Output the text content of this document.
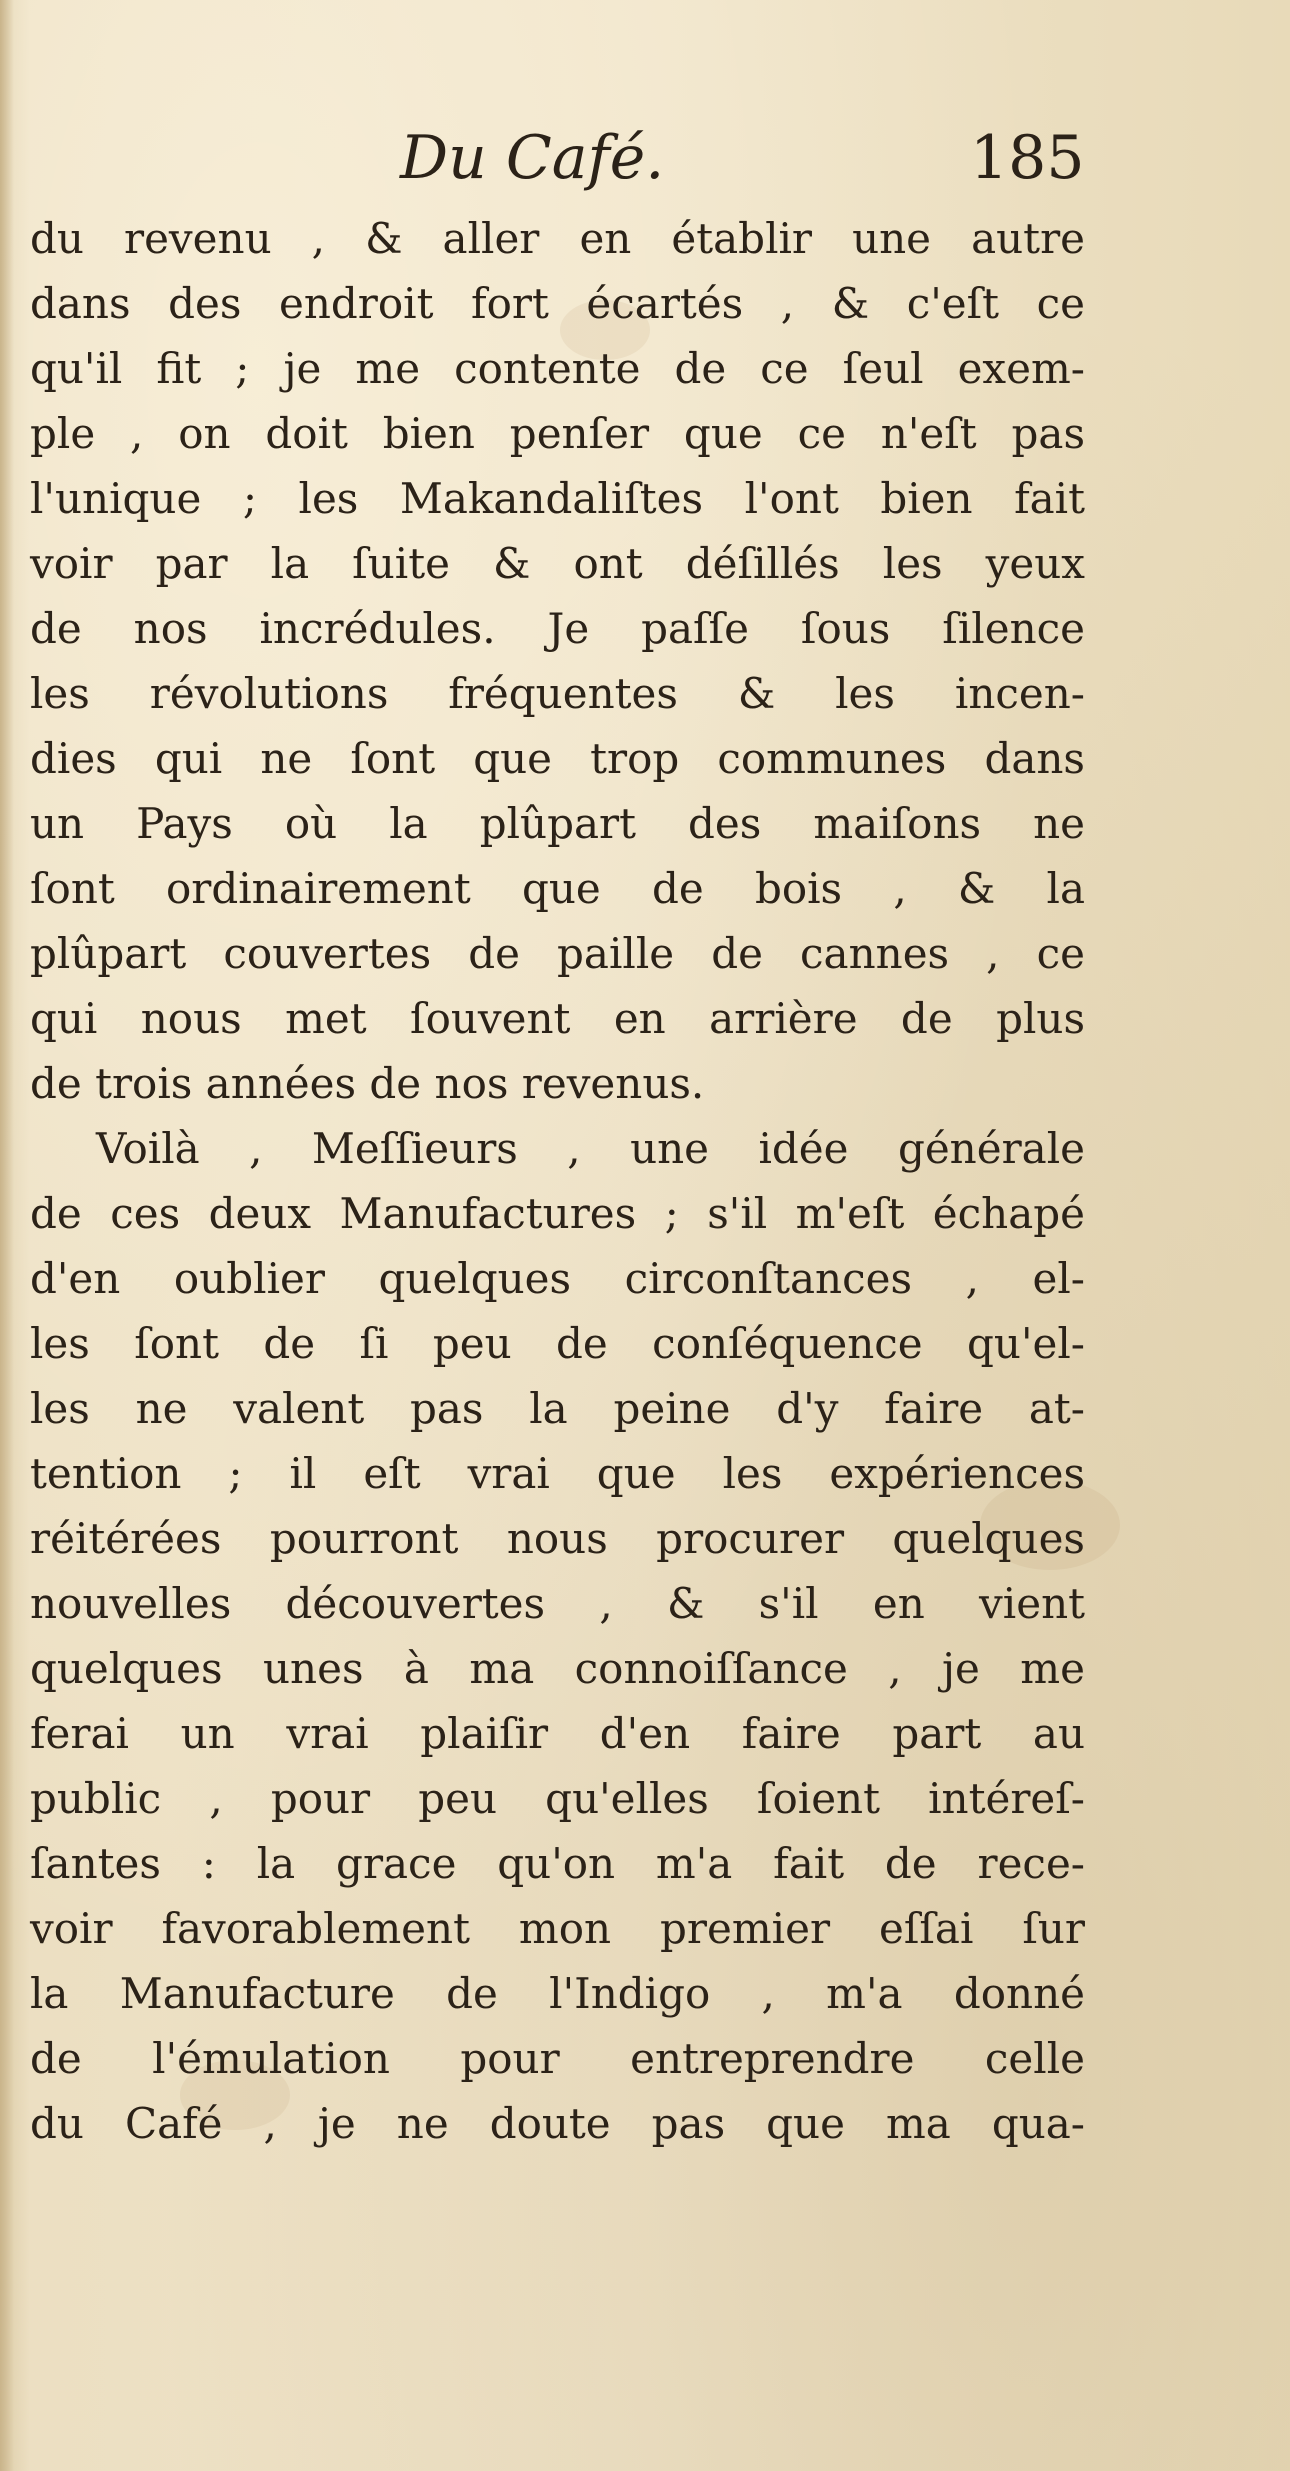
Du Café.	185
du revenu , & aller en établir une autre
dans des endroit fort écartés , & c'eſt ce
qu'il fit ; je me contente de ce ſeul exem-
ple , on doit bien penſer que ce n'eſt pas
l'unique ; les Makandaliſtes l'ont bien fait
voir par la ſuite & ont déſillés les yeux
de nos incrédules. Je paſſe ſous ſilence
les révolutions fréquentes & les incen-
dies qui ne ſont que trop communes dans
un Pays où la plûpart des maiſons ne
ſont ordinairement que de bois , & la
plûpart couvertes de paille de cannes , ce
qui nous met ſouvent en arrière de plus
de trois années de nos revenus.
Voilà , Meſſieurs , une idée générale
de ces deux Manufactures ; s'il m'eſt échapé
d'en oublier quelques circonſtances , el-
les ſont de ſi peu de conſéquence qu'el-
les ne valent pas la peine d'y faire at-
tention ; il eſt vrai que les expériences
réitérées pourront nous procurer quelques
nouvelles découvertes , & s'il en vient
quelques unes à ma connoiſſance , je me
ferai un vrai plaiſir d'en faire part au
public , pour peu qu'elles ſoient intéreſ-
ſantes : la grace qu'on m'a fait de rece-
voir favorablement mon premier eſſai ſur
la Manufacture de l'Indigo , m'a donné
de l'émulation pour entreprendre celle
du Café , je ne doute pas que ma qua-
